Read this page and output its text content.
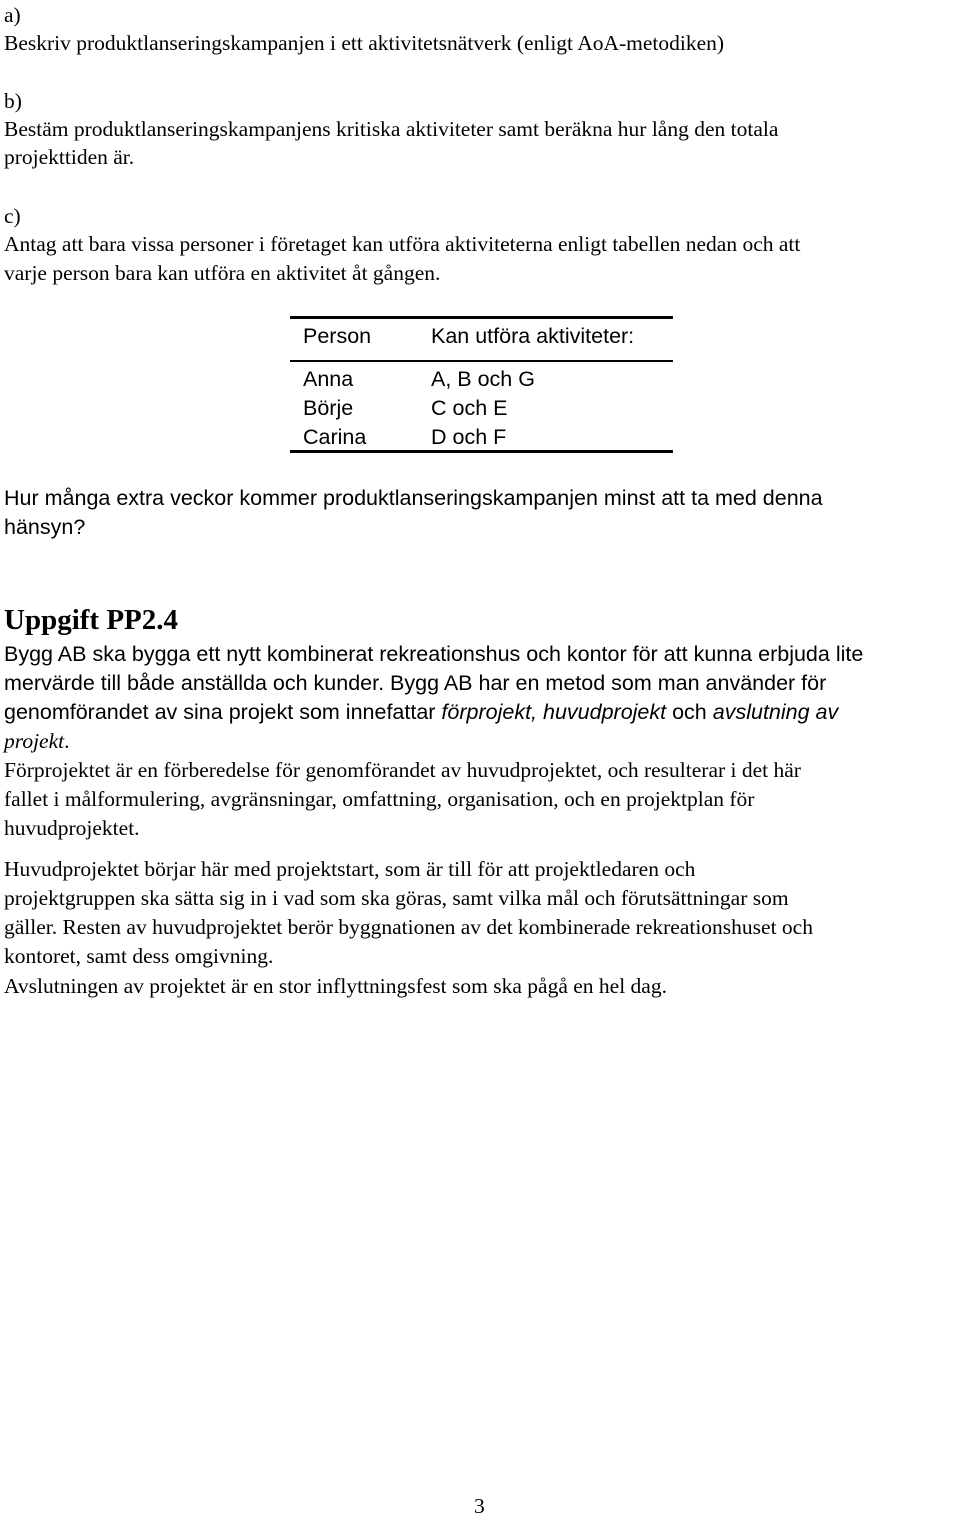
a)
Beskriv produktlanseringskampanjen i ett aktivitetsnätverk (enligt AoA-metodiken)
b)
Bestäm produktlanseringskampanjens kritiska aktiviteter samt beräkna hur lång den totala
projekttiden är.
c)
Antag att bara vissa personer i företaget kan utföra aktiviteterna enligt tabellen nedan och att
varje person bara kan utföra en aktivitet åt gången.
Person	Kan utföra aktiviteter:
Anna	A, B och G
Börje	C och E
Carina	D och F
Hur många extra veckor kommer produktlanseringskampanjen minst att ta med denna
hänsyn?
Uppgift PP2.4
Bygg AB ska bygga ett nytt kombinerat rekreationshus och kontor för att kunna erbjuda lite
mervärde till både anställda och kunder. Bygg AB har en metod som man använder för
genomförandet av sina projekt som innefattar förprojekt, huvudprojekt och avslutning av
projekt.
Förprojektet är en förberedelse för genomförandet av huvudprojektet, och resulterar i det här
fallet i målformulering, avgränsningar, omfattning, organisation, och en projektplan för
huvudprojektet.
Huvudprojektet börjar här med projektstart, som är till för att projektledaren och
projektgruppen ska sätta sig in i vad som ska göras, samt vilka mål och förutsättningar som
gäller. Resten av huvudprojektet berör byggnationen av det kombinerade rekreationshuset och
kontoret, samt dess omgivning.
Avslutningen av projektet är en stor inflyttningsfest som ska pågå en hel dag.
3
